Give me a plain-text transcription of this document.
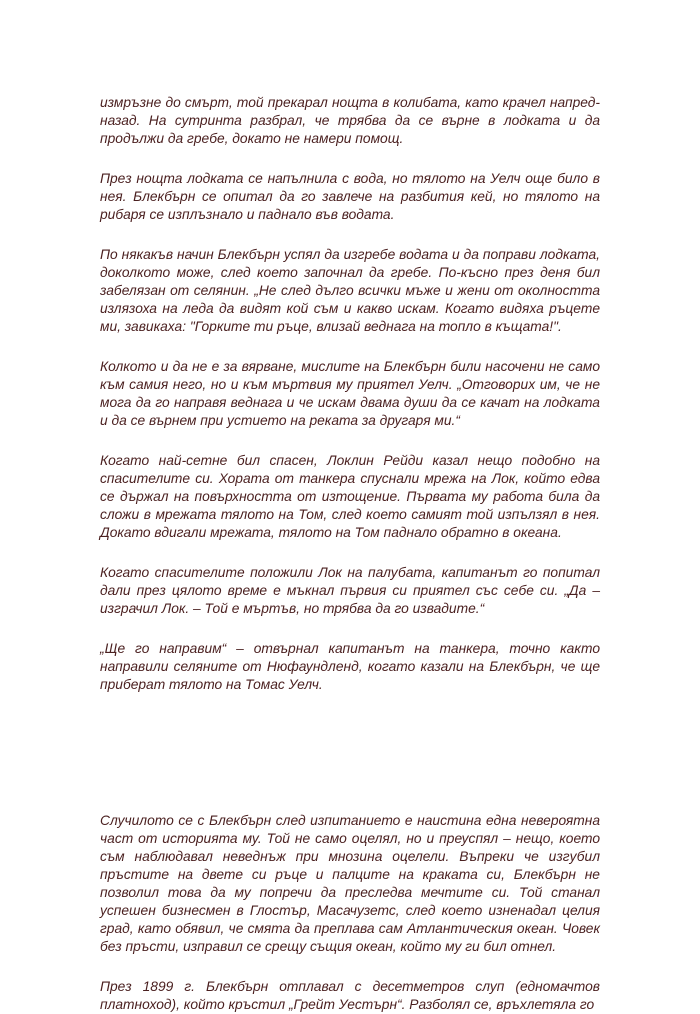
измръзне до смърт, той прекарал нощта в колибата, като крачел напред-назад. На сутринта разбрал, че трябва да се върне в лодката и да продължи да гребе, докато не намери помощ.

През нощта лодката се напълнила с вода, но тялото на Уелч още било в нея. Блекбърн се опитал да го завлече на разбития кей, но тялото на рибаря се изплъзнало и паднало във водата.

По някакъв начин Блекбърн успял да изгребе водата и да поправи лодката, доколкото може, след което започнал да гребе. По-късно през деня бил забелязан от селянин. „Не след дълго всички мъже и жени от околността излязоха на леда да видят кой съм и какво искам. Когато видяха ръцете ми, завикаха: "Горките ти ръце, влизай веднага на топло в къщата!".

Колкото и да не е за вярване, мислите на Блекбърн били насочени не само към самия него, но и към мъртвия му приятел Уелч. „Отговорих им, че не мога да го направя веднага и че искам двама души да се качат на лодката и да се върнем при устието на реката за другаря ми.“

Когато най-сетне бил спасен, Локлин Рейди казал нещо подобно на спасителите си. Хората от танкера спуснали мрежа на Лок, който едва се държал на повърхността от изтощение. Първата му работа била да сложи в мрежата тялото на Том, след което самият той изпълзял в нея. Докато вдигали мрежата, тялото на Том паднало обратно в океана.

Когато спасителите положили Лок на палубата, капитанът го попитал дали през цялото време е мъкнал първия си приятел със себе си. „Да – изграчил Лок. – Той е мъртъв, но трябва да го извадите.“

„Ще го направим“ – отвърнал капитанът на танкера, точно както направили селяните от Нюфаундленд, когато казали на Блекбърн, че ще приберат тялото на Томас Уелч.

Случилото се с Блекбърн след изпитанието е наистина една невероятна част от историята му. Той не само оцелял, но и преуспял – нещо, което съм наблюдавал неведнъж при мнозина оцелели. Въпреки че изгубил пръстите на двете си ръце и палците на краката си, Блекбърн не позволил това да му попречи да преследва мечтите си. Той станал успешен бизнесмен в Глостър, Масачузетс, след което изненадал целия град, като обявил, че смята да преплава сам Атлантическия океан. Човек без пръсти, изправил се срещу същия океан, който му ги бил отнел.

През 1899 г. Блекбърн отплавал с десетметров слуп (едномачтов платноход), който кръстил „Грейт Уестърн“. Разболял се, връхлетяла го
